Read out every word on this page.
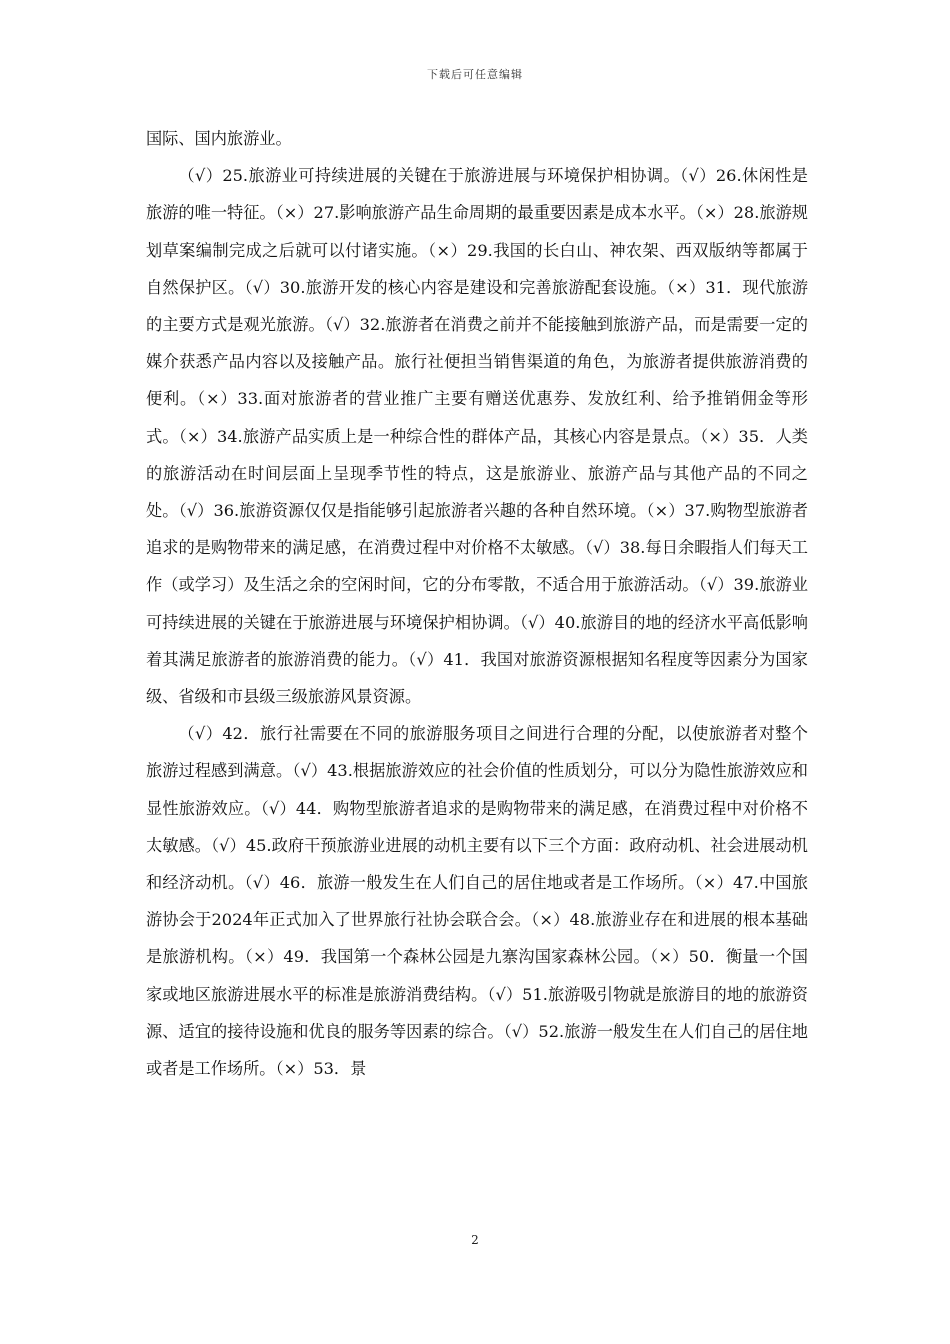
下载后可任意编辑

国际、国内旅游业。

（√）25.旅游业可持续进展的关键在于旅游进展与环境保护相协调。（√）26.休闲性是旅游的唯一特征。（×）27.影响旅游产品生命周期的最重要因素是成本水平。（×）28.旅游规划草案编制完成之后就可以付诸实施。（×）29.我国的长白山、神农架、西双版纳等都属于自然保护区。（√）30.旅游开发的核心内容是建设和完善旅游配套设施。（×）31．现代旅游的主要方式是观光旅游。（√）32.旅游者在消费之前并不能接触到旅游产品，而是需要一定的媒介获悉产品内容以及接触产品。旅行社便担当销售渠道的角色，为旅游者提供旅游消费的便利。（×）33.面对旅游者的营业推广主要有赠送优惠券、发放红利、给予推销佣金等形式。（×）34.旅游产品实质上是一种综合性的群体产品，其核心内容是景点。（×）35．人类的旅游活动在时间层面上呈现季节性的特点，这是旅游业、旅游产品与其他产品的不同之处。（√）36.旅游资源仅仅是指能够引起旅游者兴趣的各种自然环境。（×）37.购物型旅游者追求的是购物带来的满足感，在消费过程中对价格不太敏感。（√）38.每日余暇指人们每天工作（或学习）及生活之余的空闲时间，它的分布零散，不适合用于旅游活动。（√）39.旅游业可持续进展的关键在于旅游进展与环境保护相协调。（√）40.旅游目的地的经济水平高低影响着其满足旅游者的旅游消费的能力。（√）41．我国对旅游资源根据知名程度等因素分为国家级、省级和市县级三级旅游风景资源。

（√）42．旅行社需要在不同的旅游服务项目之间进行合理的分配，以使旅游者对整个旅游过程感到满意。（√）43.根据旅游效应的社会价值的性质划分，可以分为隐性旅游效应和显性旅游效应。（√）44．购物型旅游者追求的是购物带来的满足感，在消费过程中对价格不太敏感。（√）45.政府干预旅游业进展的动机主要有以下三个方面：政府动机、社会进展动机和经济动机。（√）46．旅游一般发生在人们自己的居住地或者是工作场所。（×）47.中国旅游协会于2024年正式加入了世界旅行社协会联合会。（×）48.旅游业存在和进展的根本基础是旅游机构。（×）49．我国第一个森林公园是九寨沟国家森林公园。（×）50．衡量一个国家或地区旅游进展水平的标准是旅游消费结构。（√）51.旅游吸引物就是旅游目的地的旅游资源、适宜的接待设施和优良的服务等因素的综合。（√）52.旅游一般发生在人们自己的居住地或者是工作场所。（×）53．景

2
